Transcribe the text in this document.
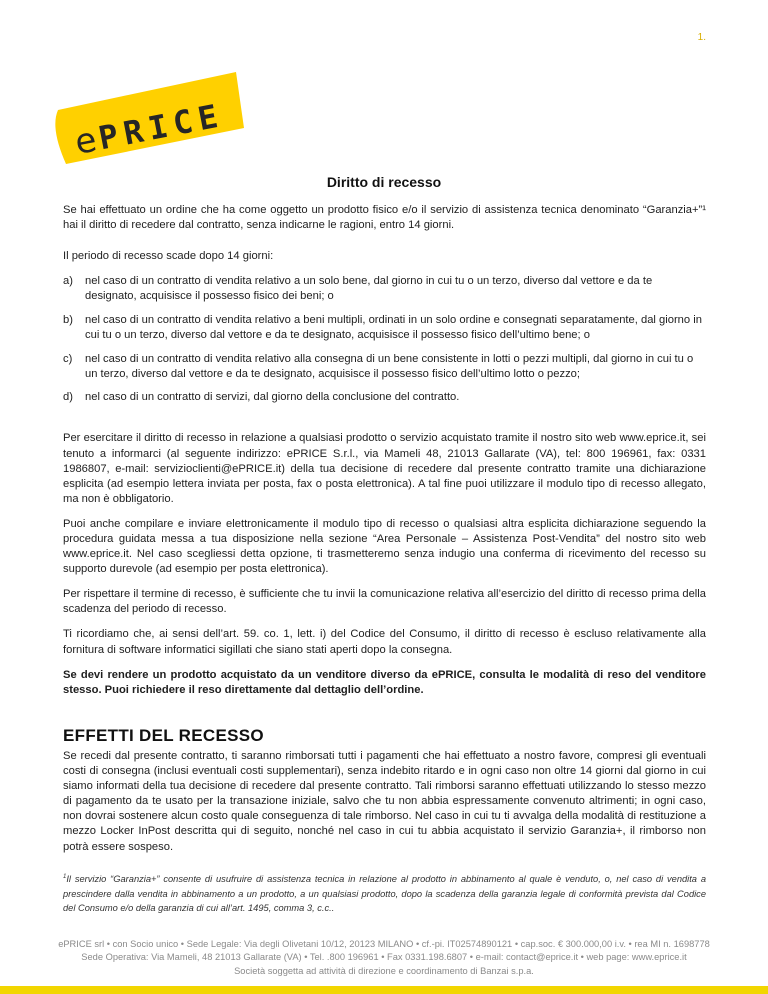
1.
e
PRICE
Diritto di recesso

Se hai effettuato un ordine che ha come oggetto un prodotto fisico e/o il servizio di assistenza tecnica denominato “Garanzia+”¹ hai il diritto di recedere dal contratto, senza indicarne le ragioni, entro 14 giorni.

Il periodo di recesso scade dopo 14 giorni:

a)	nel caso di un contratto di vendita relativo a un solo bene, dal giorno in cui tu o un terzo, diverso dal vettore e da te designato, acquisisce il possesso fisico dei beni; o
b)	nel caso di un contratto di vendita relativo a beni multipli, ordinati in un solo ordine e consegnati separatamente, dal giorno in cui tu o un terzo, diverso dal vettore e da te designato, acquisisce il possesso fisico dell’ultimo bene; o
c)	nel caso di un contratto di vendita relativo alla consegna di un bene consistente in lotti o pezzi multipli, dal giorno in cui tu o un terzo, diverso dal vettore e da te designato, acquisisce il possesso fisico dell’ultimo lotto o pezzo;
d)	nel caso di un contratto di servizi, dal giorno della conclusione del contratto.

Per esercitare il diritto di recesso in relazione a qualsiasi prodotto o servizio acquistato tramite il nostro sito web www.eprice.it, sei tenuto a informarci (al seguente indirizzo: ePRICE S.r.l., via Mameli 48, 21013 Gallarate (VA), tel: 800 196961, fax: 0331 1986807, e-mail: servizioclienti@ePRICE.it) della tua decisione di recedere dal presente contratto tramite una dichiarazione esplicita (ad esempio lettera inviata per posta, fax o posta elettronica). A tal fine puoi utilizzare il modulo tipo di recesso allegato, ma non è obbligatorio.

Puoi anche compilare e inviare elettronicamente il modulo tipo di recesso o qualsiasi altra esplicita dichiarazione seguendo la procedura guidata messa a tua disposizione nella sezione “Area Personale – Assistenza Post-Vendita” del nostro sito web www.eprice.it. Nel caso scegliessi detta opzione, ti trasmetteremo senza indugio una conferma di ricevimento del recesso su supporto durevole (ad esempio per posta elettronica).

Per rispettare il termine di recesso, è sufficiente che tu invii la comunicazione relativa all’esercizio del diritto di recesso prima della scadenza del periodo di recesso.

Ti ricordiamo che, ai sensi dell’art. 59. co. 1, lett. i) del Codice del Consumo, il diritto di recesso è escluso relativamente alla fornitura di software informatici sigillati che siano stati aperti dopo la consegna.

Se devi rendere un prodotto acquistato da un venditore diverso da ePRICE, consulta le modalità di reso del venditore stesso. Puoi richiedere il reso direttamente dal dettaglio dell’ordine.

EFFETTI DEL RECESSO

Se recedi dal presente contratto, ti saranno rimborsati tutti i pagamenti che hai effettuato a nostro favore, compresi gli eventuali costi di consegna (inclusi eventuali costi supplementari), senza indebito ritardo e in ogni caso non oltre 14 giorni dal giorno in cui siamo informati della tua decisione di recedere dal presente contratto. Tali rimborsi saranno effettuati utilizzando lo stesso mezzo di pagamento da te usato per la transazione iniziale, salvo che tu non abbia espressamente convenuto altrimenti; in ogni caso, non dovrai sostenere alcun costo quale conseguenza di tale rimborso. Nel caso in cui tu ti avvalga della modalità di restituzione a mezzo Locker InPost descritta qui di seguito, nonché nel caso in cui tu abbia acquistato il servizio Garanzia+, il rimborso non potrà essere sospeso.

$^1$Il servizio “Garanzia+” consente di usufruire di assistenza tecnica in relazione al prodotto in abbinamento al quale è venduto, o, nel caso di vendita a prescindere dalla vendita in abbinamento a un prodotto, a un qualsiasi prodotto, dopo la scadenza della garanzia legale di conformità prevista dal Codice del Consumo e/o della garanzia di cui all’art. 1495, comma 3, c.c..
ePRICE srl • con Socio unico • Sede Legale: Via degli Olivetani 10/12, 20123 MILANO • cf.-pi. IT02574890121 • cap.soc. € 300.000,00 i.v. • rea MI n. 1698778
Sede Operativa: Via Mameli, 48 21013 Gallarate (VA) • Tel. .800 196961 • Fax 0331.198.6807 • e-mail: contact@eprice.it • web page: www.eprice.it
Società soggetta ad attività di direzione e coordinamento di Banzai s.p.a.
